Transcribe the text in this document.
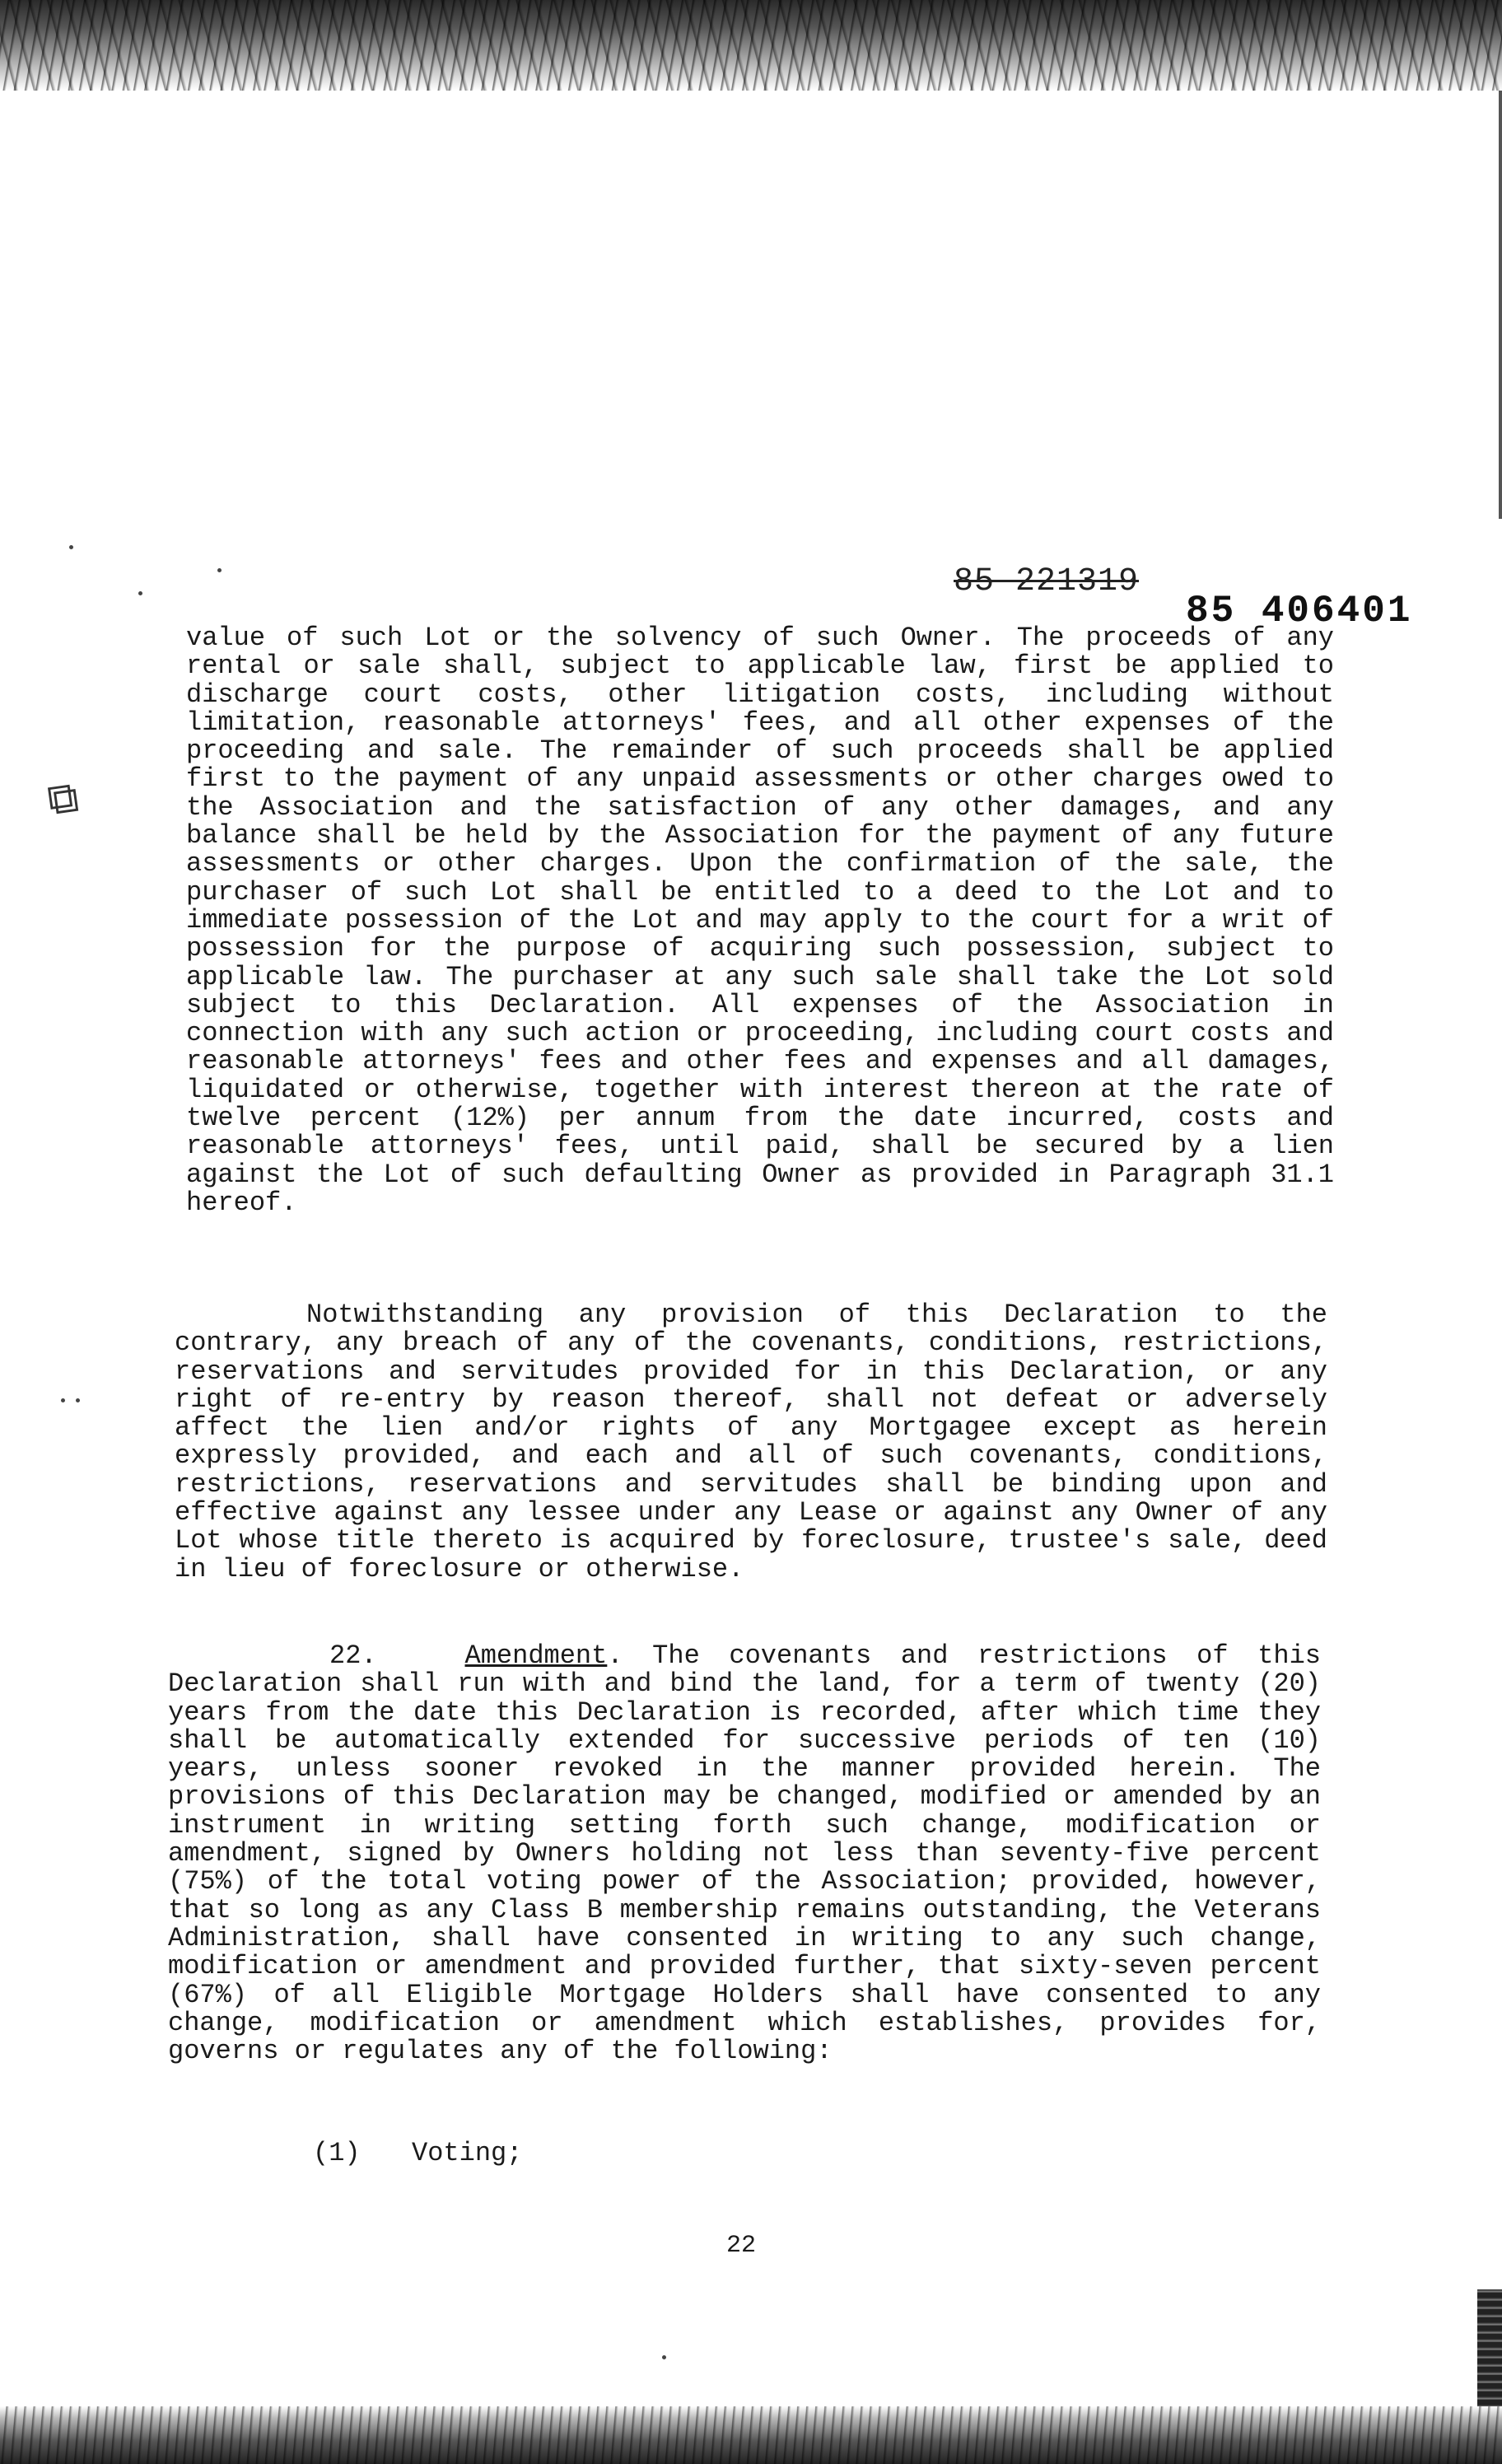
⧉
85 221319
85 406401

value of such Lot or the solvency of such Owner. The proceeds of any rental or sale shall, subject to applicable law, first be applied to discharge court costs, other litigation costs, including without limitation, reasonable attorneys' fees, and all other expenses of the proceeding and sale. The remainder of such proceeds shall be applied first to the payment of any unpaid assessments or other charges owed to the Association and the satisfaction of any other damages, and any balance shall be held by the Association for the payment of any future assessments or other charges. Upon the confirmation of the sale, the purchaser of such Lot shall be entitled to a deed to the Lot and to immediate possession of the Lot and may apply to the court for a writ of possession for the purpose of acquiring such possession, subject to applicable law. The purchaser at any such sale shall take the Lot sold subject to this Declaration. All expenses of the Association in connection with any such action or proceeding, including court costs and reasonable attorneys' fees and other fees and expenses and all damages, liquidated or otherwise, together with interest thereon at the rate of twelve percent (12%) per annum from the date incurred, costs and reasonable attorneys' fees, until paid, shall be secured by a lien against the Lot of such defaulting Owner as provided in Paragraph 31.1 hereof.

Notwithstanding any provision of this Declaration to the contrary, any breach of any of the covenants, conditions, restrictions, reservations and servitudes provided for in this Declaration, or any right of re-entry by reason thereof, shall not defeat or adversely affect the lien and/or rights of any Mortgagee except as herein expressly provided, and each and all of such covenants, conditions, restrictions, reservations and servitudes shall be binding upon and effective against any lessee under any Lease or against any Owner of any Lot whose title thereto is acquired by foreclosure, trustee's sale, deed in lieu of foreclosure or otherwise.

22.	Amendment. The covenants and restrictions of this Declaration shall run with and bind the land, for a term of twenty (20) years from the date this Declaration is recorded, after which time they shall be automatically extended for successive periods of ten (10) years, unless sooner revoked in the manner provided herein. The provisions of this Declaration may be changed, modified or amended by an instrument in writing setting forth such change, modification or amendment, signed by Owners holding not less than seventy-five percent (75%) of the total voting power of the Association; provided, however, that so long as any Class B membership remains outstanding, the Veterans Administration, shall have consented in writing to any such change, modification or amendment and provided further, that sixty-seven percent (67%) of all Eligible Mortgage Holders shall have consented to any change, modification or amendment which establishes, provides for, governs or regulates any of the following:

(1) Voting;
22
